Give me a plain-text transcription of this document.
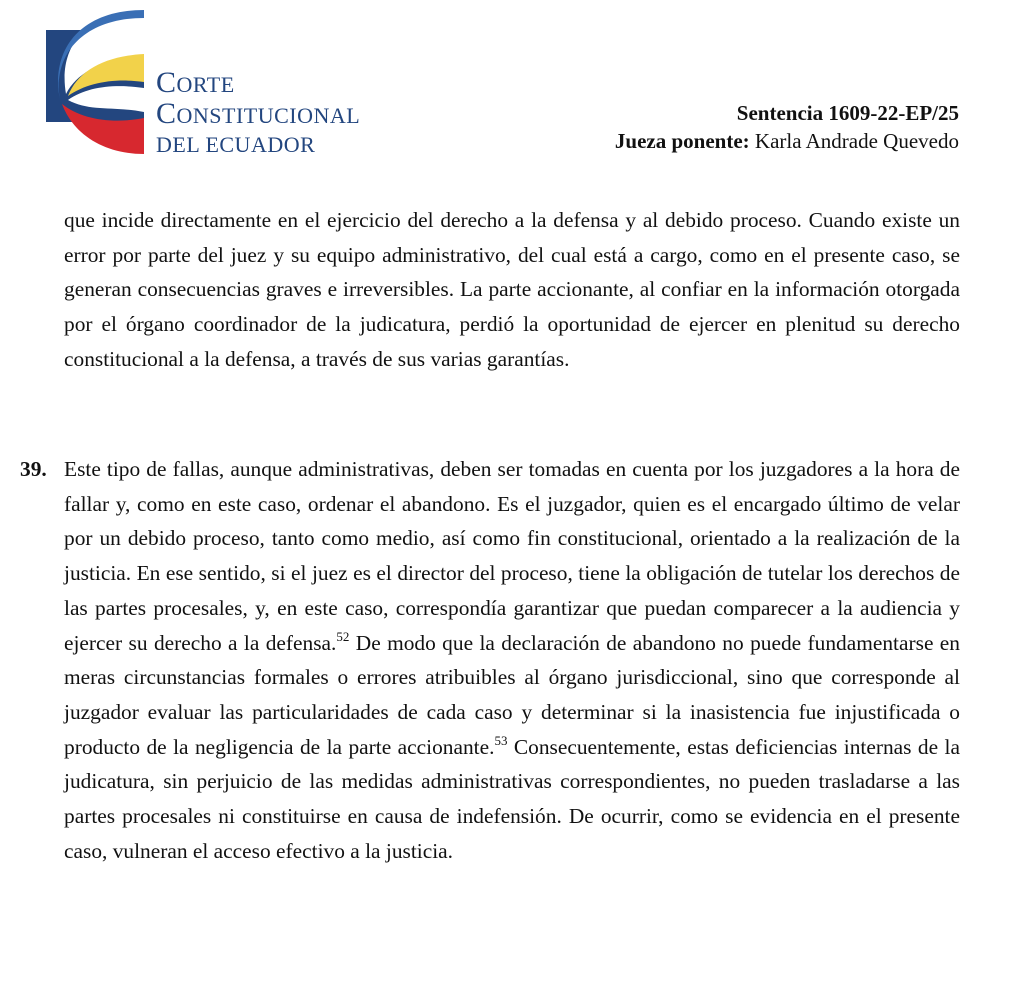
CORTE
CONSTITUCIONAL
DEL ECUADOR
Sentencia 1609-22-EP/25
Jueza ponente: Karla Andrade Quevedo
que incide directamente en el ejercicio del derecho a la defensa y al debido proceso. Cuando existe un error por parte del juez y su equipo administrativo, del cual está a cargo, como en el presente caso, se generan consecuencias graves e irreversibles. La parte accionante, al confiar en la información otorgada por el órgano coordinador de la judicatura, perdió la oportunidad de ejercer en plenitud su derecho constitucional a la defensa, a través de sus varias garantías.
39. Este tipo de fallas, aunque administrativas, deben ser tomadas en cuenta por los juzgadores a la hora de fallar y, como en este caso, ordenar el abandono. Es el juzgador, quien es el encargado último de velar por un debido proceso, tanto como medio, así como fin constitucional, orientado a la realización de la justicia. En ese sentido, si el juez es el director del proceso, tiene la obligación de tutelar los derechos de las partes procesales, y, en este caso, correspondía garantizar que puedan comparecer a la audiencia y ejercer su derecho a la defensa.$^{52}$ De modo que la declaración de abandono no puede fundamentarse en meras circunstancias formales o errores atribuibles al órgano jurisdiccional, sino que corresponde al juzgador evaluar las particularidades de cada caso y determinar si la inasistencia fue injustificada o producto de la negligencia de la parte accionante.$^{53}$ Consecuentemente, estas deficiencias internas de la judicatura, sin perjuicio de las medidas administrativas correspondientes, no pueden trasladarse a las partes procesales ni constituirse en causa de indefensión. De ocurrir, como se evidencia en el presente caso, vulneran el acceso efectivo a la justicia.
